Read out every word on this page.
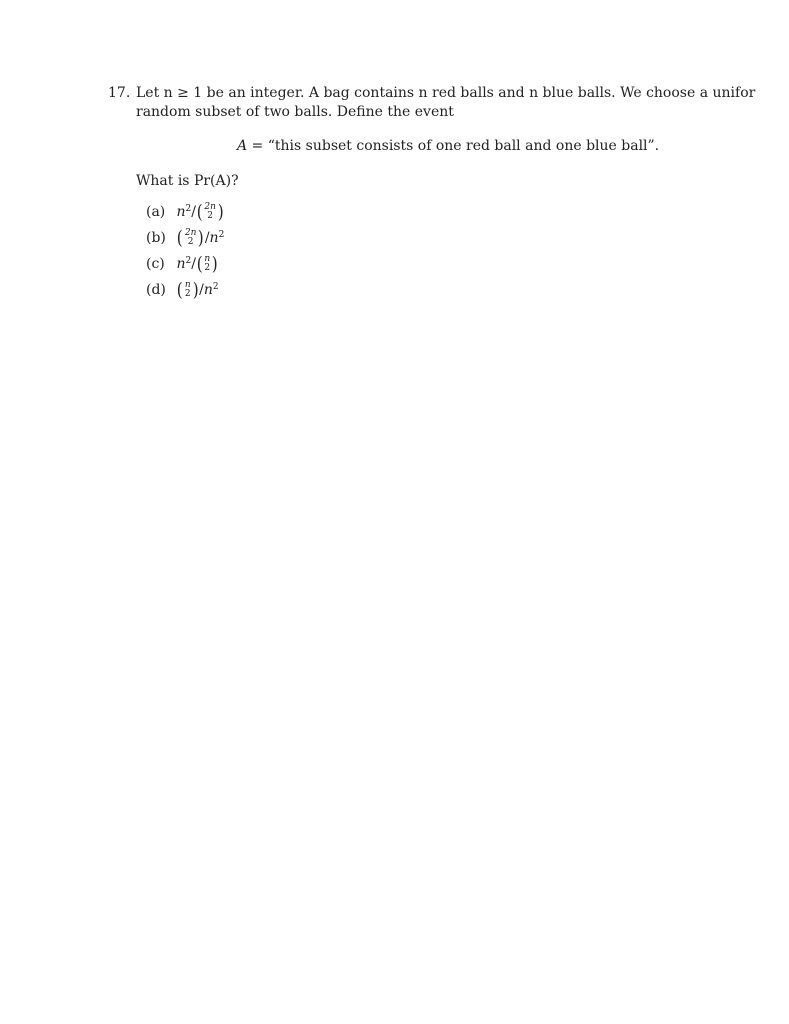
17. Let n ≥ 1 be an integer. A bag contains n red balls and n blue balls. We choose a unifor
random subset of two balls. Define the event
A = “this subset consists of one red ball and one blue ball”.
What is Pr(A)?
(a) $n^2/$ ( 2n
2 )
(b) ( 2n
2 ) $/n^2$
(c) $n^2/$ ( n
2 )
(d) ( n
2 ) $/n^2$
